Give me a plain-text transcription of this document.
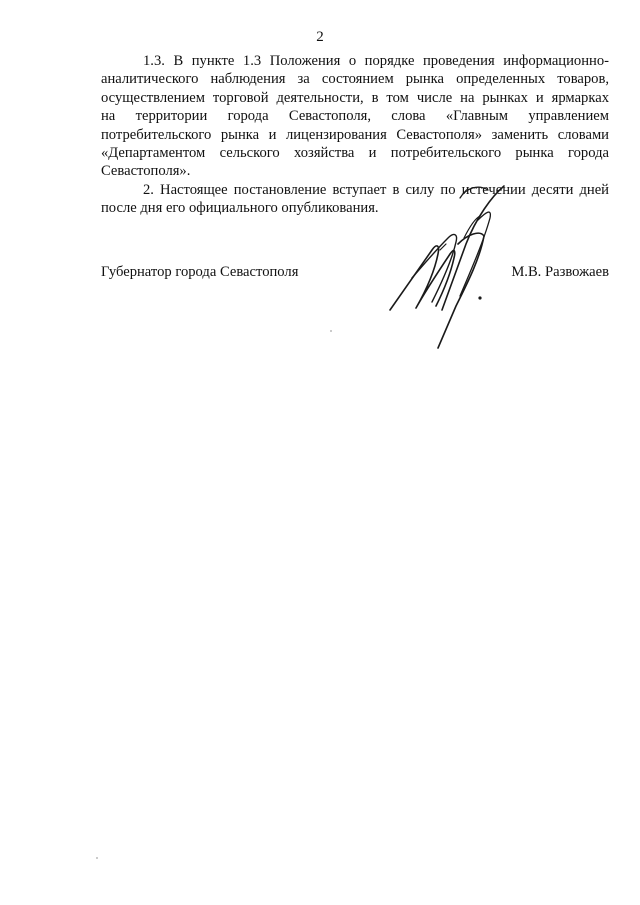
2

1.3. В пункте 1.3 Положения о порядке проведения информационно-
аналитического наблюдения за состоянием рынка определенных товаров,
осуществлением торговой деятельности, в том числе на рынках и ярмарках
на территории города Севастополя, слова «Главным управлением
потребительского рынка и лицензирования Севастополя» заменить словами
«Департаментом сельского хозяйства и потребительского рынка города
Севастополя».

2. Настоящее постановление вступает в силу по истечении десяти дней
после дня его официального опубликования.

Губернатор города Севастополя	М.В. Развожаев
